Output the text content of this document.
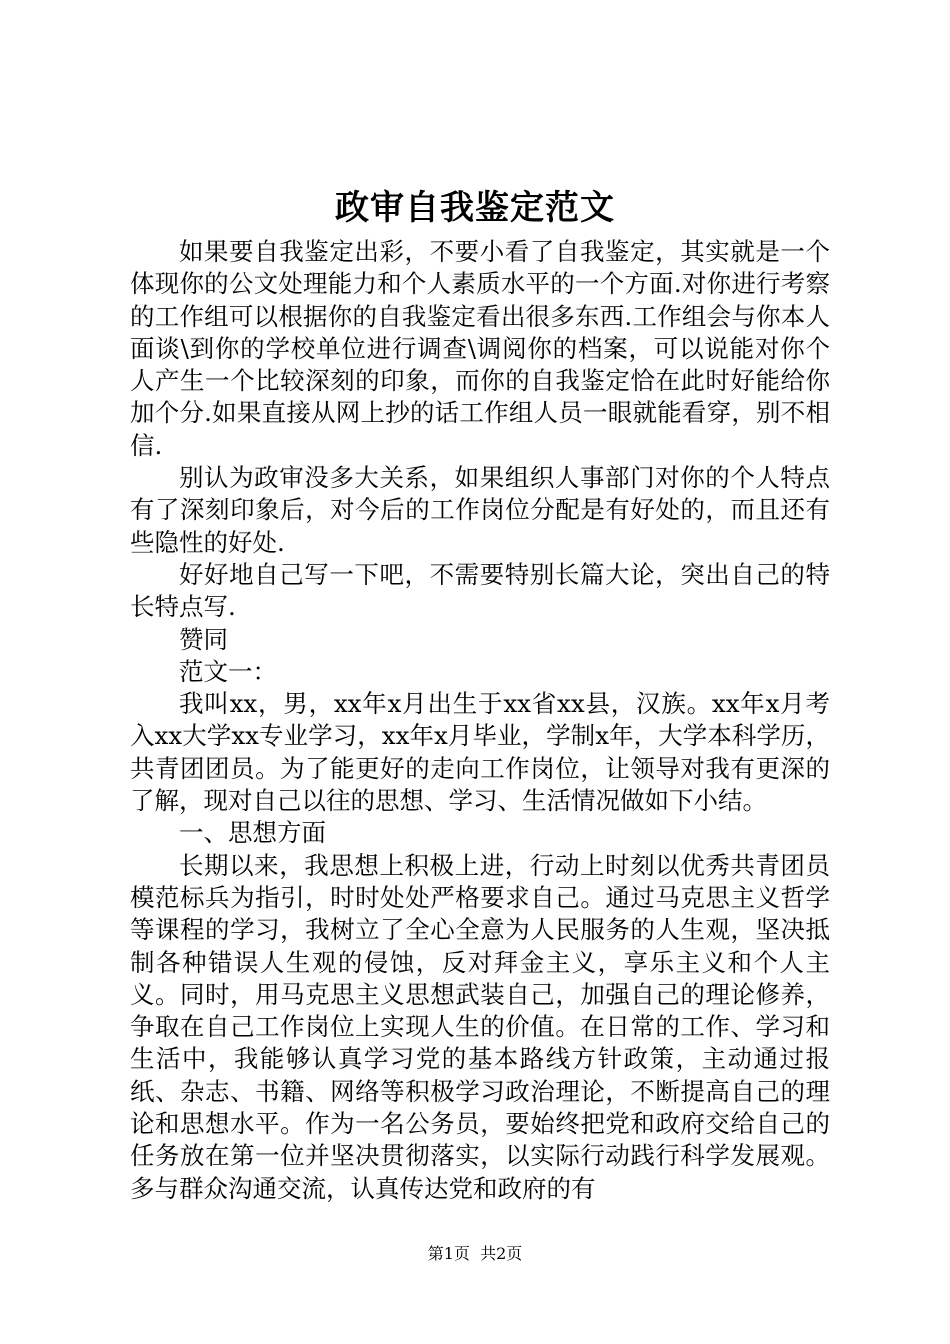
政审自我鉴定范文

如果要自我鉴定出彩，不要小看了自我鉴定，其实就是一个体现你的公文处理能力和个人素质水平的一个方面.对你进行考察的工作组可以根据你的自我鉴定看出很多东西.工作组会与你本人面谈\到你的学校单位进行调查\调阅你的档案，可以说能对你个人产生一个比较深刻的印象，而你的自我鉴定恰在此时好能给你加个分.如果直接从网上抄的话工作组人员一眼就能看穿，别不相信.

别认为政审没多大关系，如果组织人事部门对你的个人特点有了深刻印象后，对今后的工作岗位分配是有好处的，而且还有些隐性的好处.

好好地自己写一下吧，不需要特别长篇大论，突出自己的特长特点写.

赞同

范文一：

我叫xx，男，xx年x月出生于xx省xx县，汉族。xx年x月考入xx大学xx专业学习，xx年x月毕业，学制x年，大学本科学历，共青团团员。为了能更好的走向工作岗位，让领导对我有更深的了解，现对自己以往的思想、学习、生活情况做如下小结。

一、思想方面

长期以来，我思想上积极上进，行动上时刻以优秀共青团员模范标兵为指引，时时处处严格要求自己。通过马克思主义哲学等课程的学习，我树立了全心全意为人民服务的人生观，坚决抵制各种错误人生观的侵蚀，反对拜金主义，享乐主义和个人主义。同时，用马克思主义思想武装自己，加强自己的理论修养，争取在自己工作岗位上实现人生的价值。在日常的工作、学习和生活中，我能够认真学习党的基本路线方针政策，主动通过报纸、杂志、书籍、网络等积极学习政治理论，不断提高自己的理论和思想水平。作为一名公务员，要始终把党和政府交给自己的任务放在第一位并坚决贯彻落实，以实际行动践行科学发展观。多与群众沟通交流，认真传达党和政府的有

第1页 共2页
